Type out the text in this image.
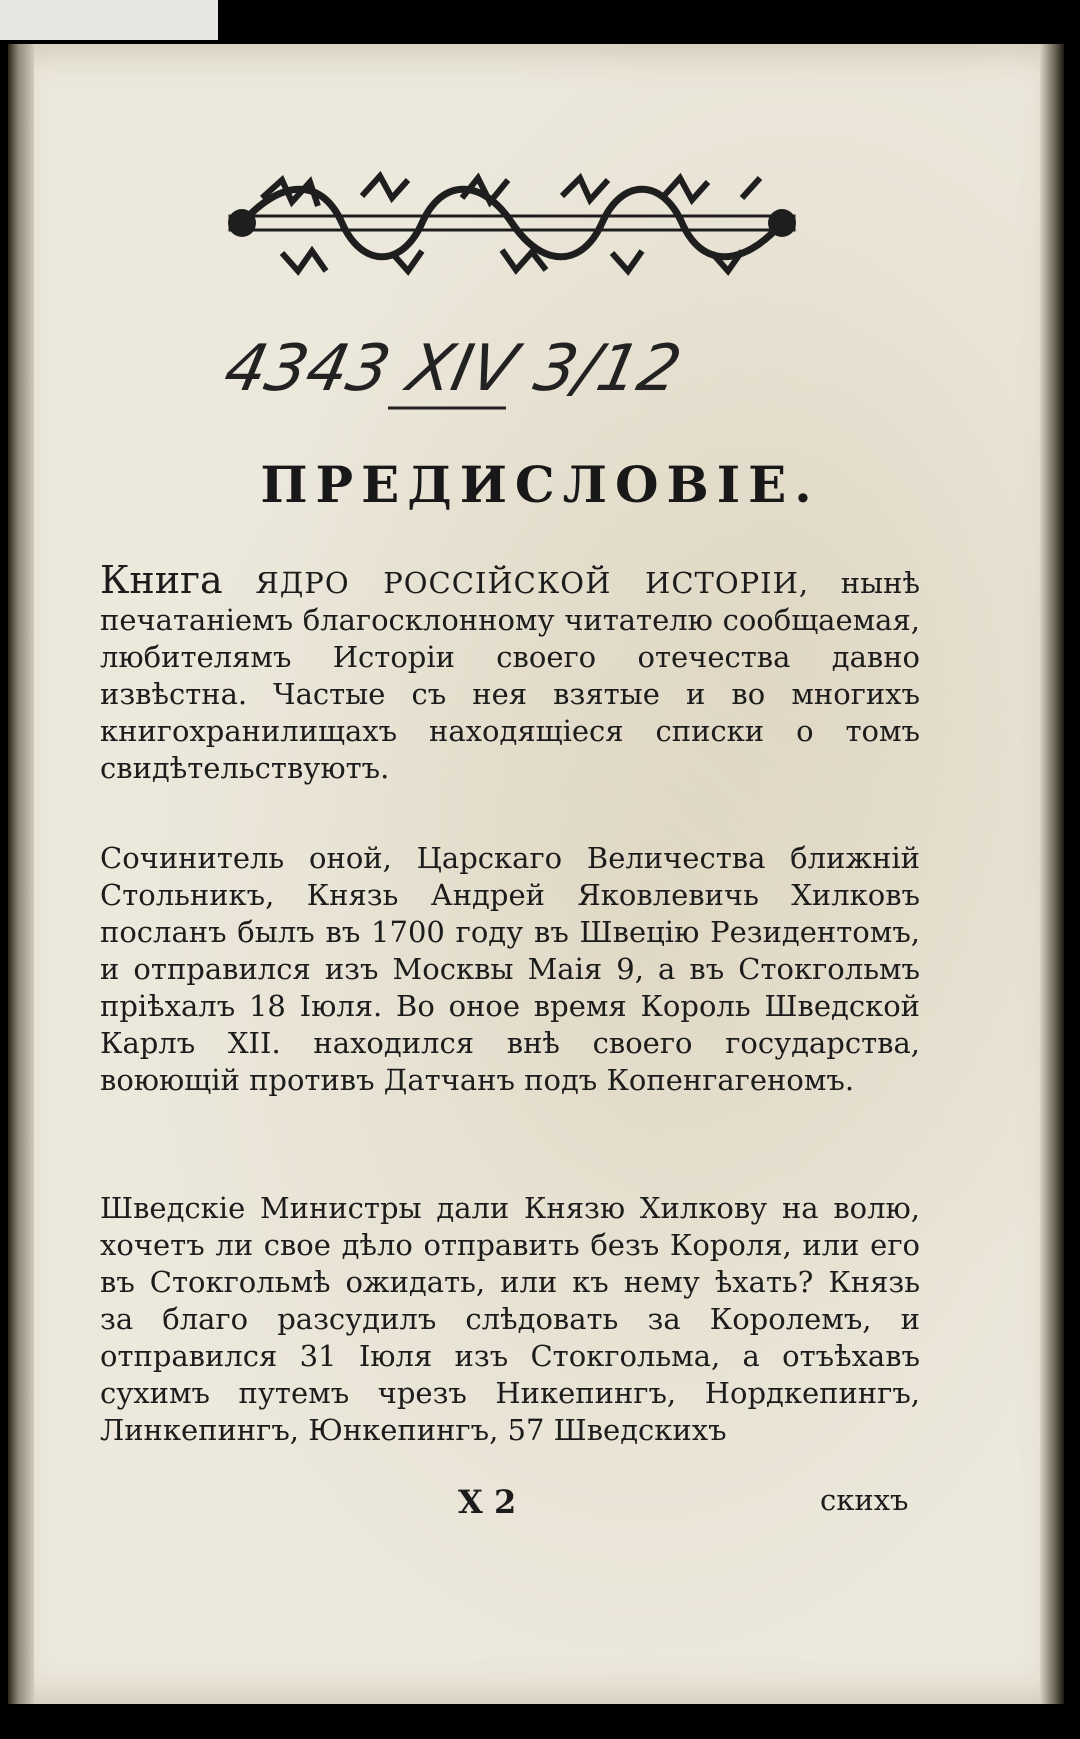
4343 XIV 3/12
ПРЕДИСЛОВІЕ.

Книга ЯДРО РОССІЙСКОЙ ИСТОРІИ, нынѣ печатанiемъ благосклонному читателю сообщаемая, любителямъ Исторiи своего отечества давно извѣстна. Частые съ нея взятые и во многихъ книгохранилищахъ находящiеся списки о томъ свидѣтельствуютъ.

Сочинитель оной, Царскаго Величества ближнiй Стольникъ, Князь Андрей Яковлевичь Хилковъ посланъ былъ въ 1700 году въ Швецiю Резидентомъ, и отправился изъ Москвы Маiя 9, а въ Стокгольмъ прiѣхалъ 18 Iюля. Во оное время Король Шведской Карлъ XII. находился внѣ своего государства, воюющiй противъ Датчанъ подъ Копенгагеномъ.

Шведскiе Министры дали Князю Хилкову на волю, хочетъ ли свое дѣло отправить безъ Короля, или его въ Стокгольмѣ ожидать, или къ нему ѣхать? Князь за благо разсудилъ слѣдовать за Королемъ, и отправился 31 Iюля изъ Стокгольма, а отъѣхавъ сухимъ путемъ чрезъ Никепингъ, Нордкепингъ, Линкепингъ, Юнкепингъ, 57 Шведскихъ

Х 2	скихъ
